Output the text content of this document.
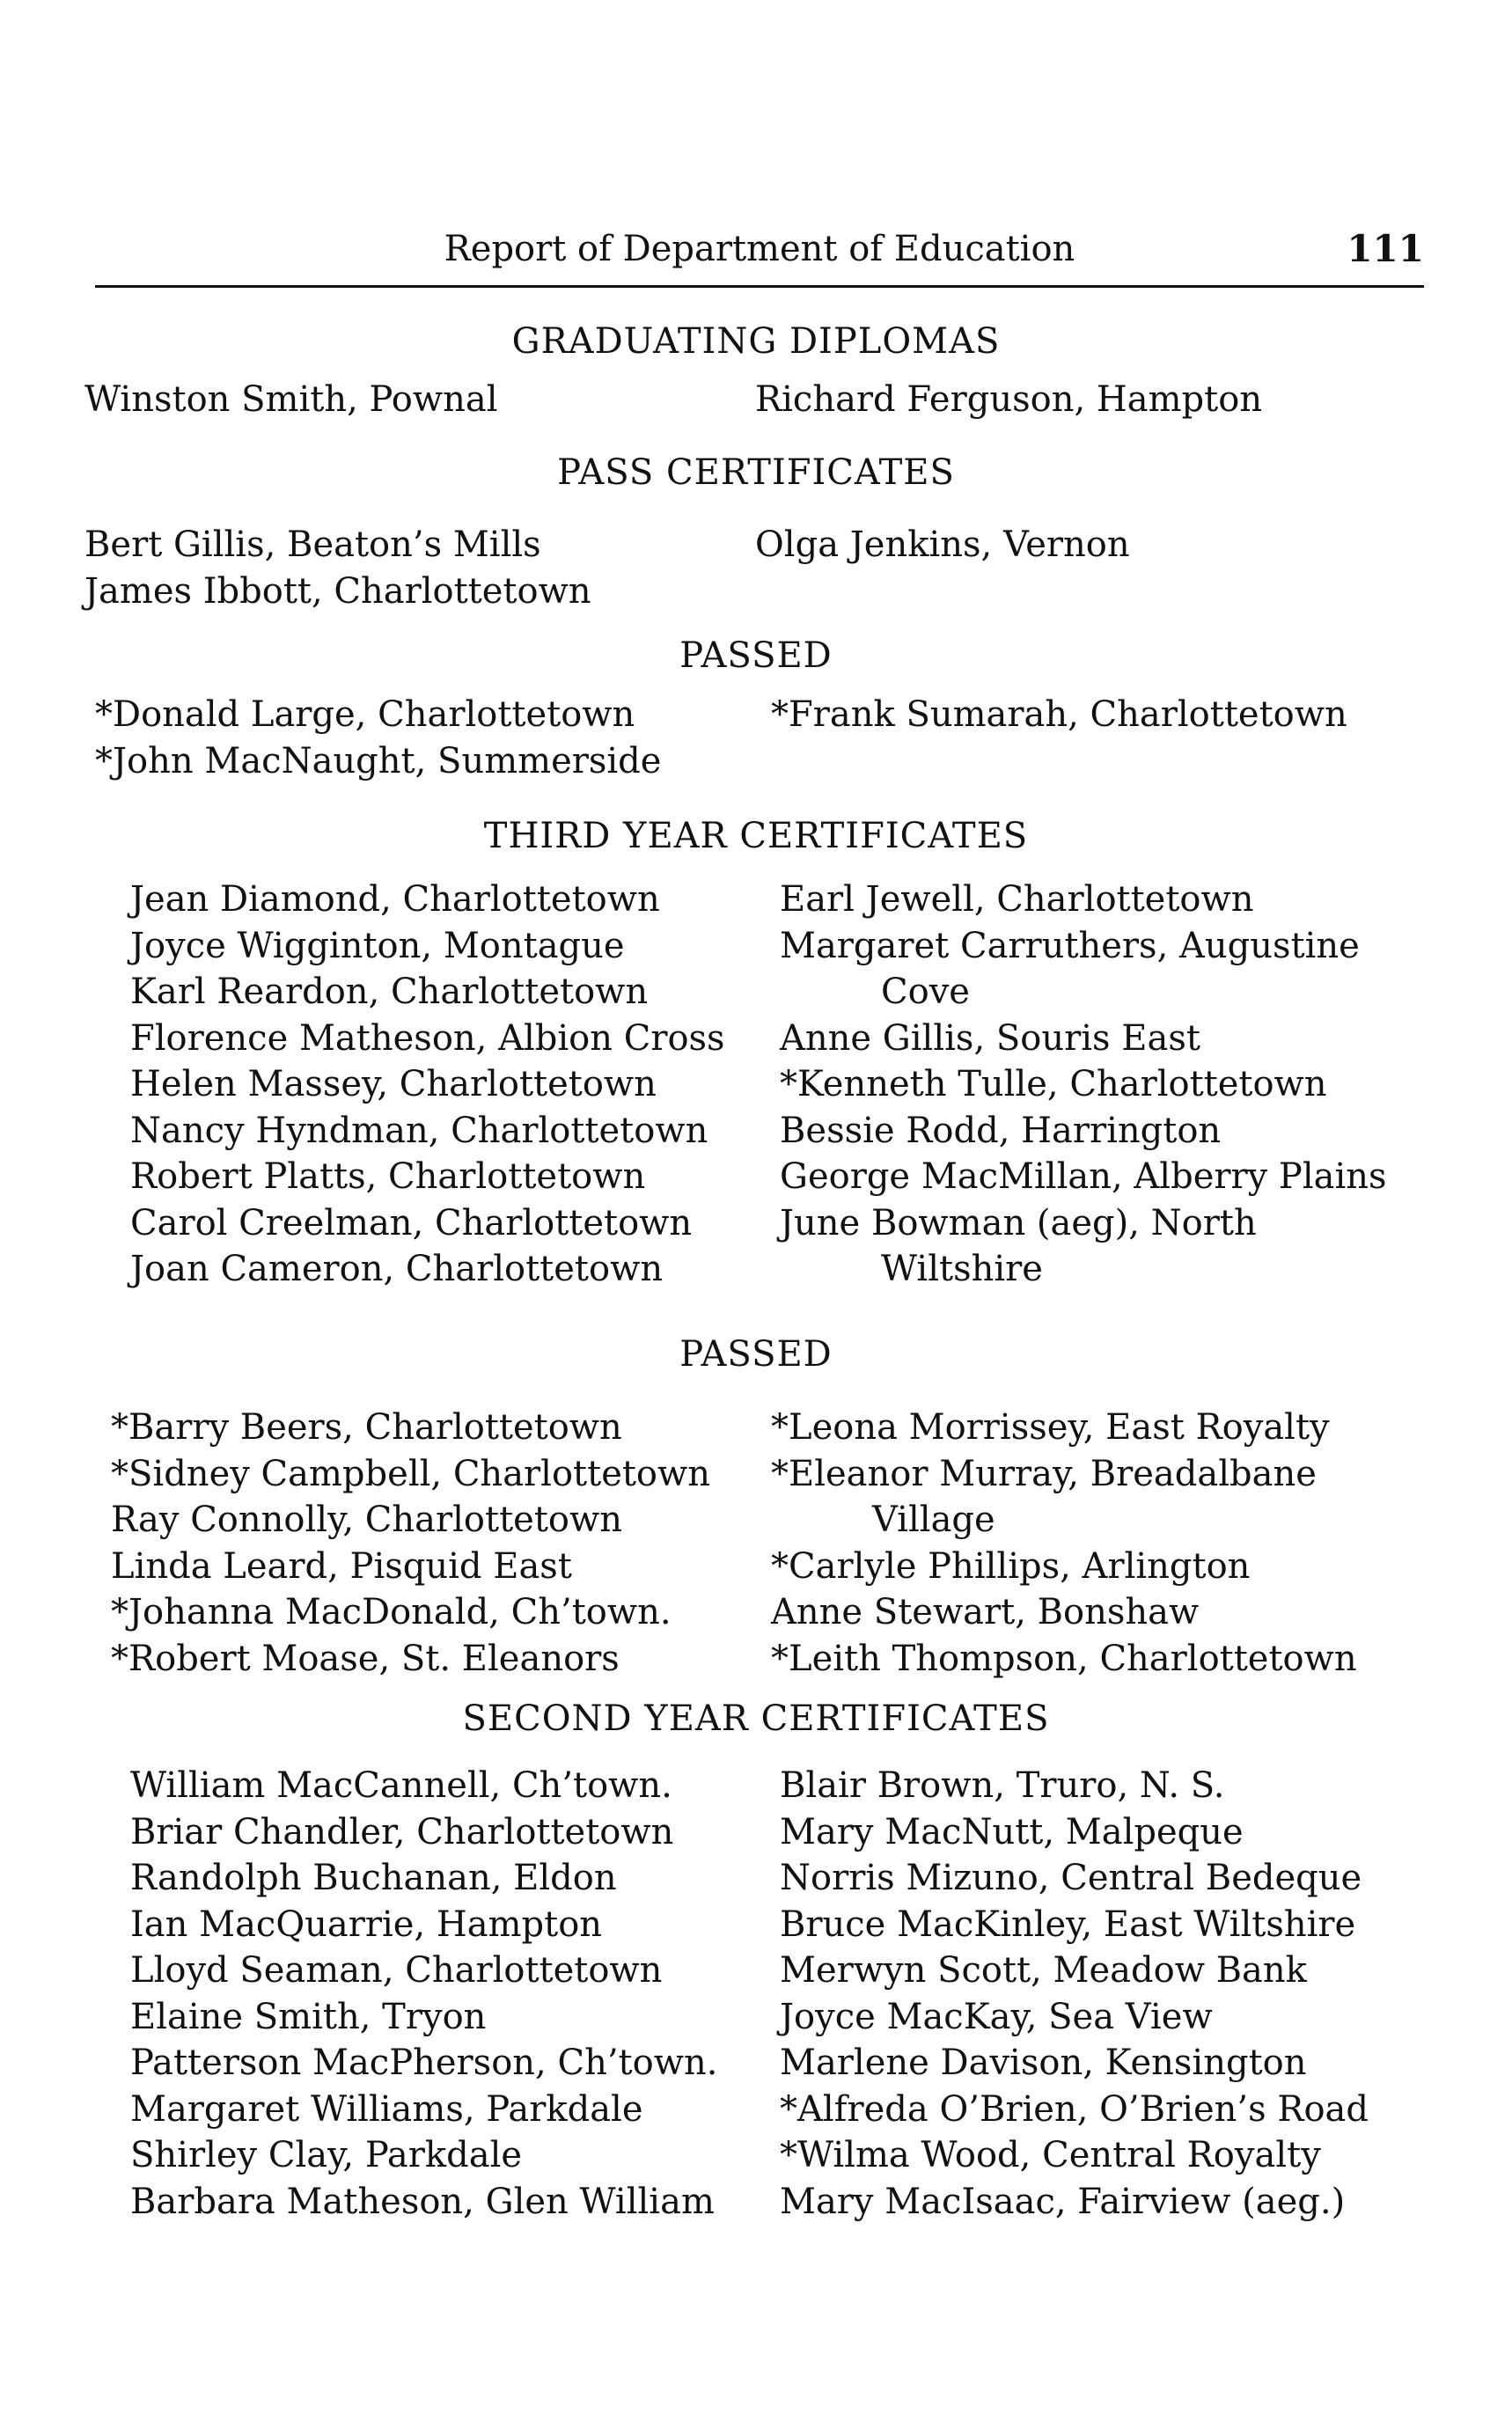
Report of Department of Education	111
GRADUATING DIPLOMAS
Winston Smith, Pownal	Richard Ferguson, Hampton
PASS CERTIFICATES
Bert Gillis, Beaton’s Mills
James Ibbott, Charlottetown
Olga Jenkins, Vernon
PASSED
*Donald Large, Charlottetown
*John MacNaught, Summerside
*Frank Sumarah, Charlottetown
THIRD YEAR CERTIFICATES
Jean Diamond, Charlottetown
Joyce Wigginton, Montague
Karl Reardon, Charlottetown
Florence Matheson, Albion Cross
Helen Massey, Charlottetown
Nancy Hyndman, Charlottetown
Robert Platts, Charlottetown
Carol Creelman, Charlottetown
Joan Cameron, Charlottetown
Earl Jewell, Charlottetown
Margaret Carruthers, Augustine
Cove
Anne Gillis, Souris East
*Kenneth Tulle, Charlottetown
Bessie Rodd, Harrington
George MacMillan, Alberry Plains
June Bowman (aeg), North
Wiltshire
PASSED
*Barry Beers, Charlottetown
*Sidney Campbell, Charlottetown
Ray Connolly, Charlottetown
Linda Leard, Pisquid East
*Johanna MacDonald, Ch’town.
*Robert Moase, St. Eleanors
*Leona Morrissey, East Royalty
*Eleanor Murray, Breadalbane
Village
*Carlyle Phillips, Arlington
Anne Stewart, Bonshaw
*Leith Thompson, Charlottetown
SECOND YEAR CERTIFICATES
William MacCannell, Ch’town.
Briar Chandler, Charlottetown
Randolph Buchanan, Eldon
Ian MacQuarrie, Hampton
Lloyd Seaman, Charlottetown
Elaine Smith, Tryon
Patterson MacPherson, Ch’town.
Margaret Williams, Parkdale
Shirley Clay, Parkdale
Barbara Matheson, Glen William
Blair Brown, Truro, N. S.
Mary MacNutt, Malpeque
Norris Mizuno, Central Bedeque
Bruce MacKinley, East Wiltshire
Merwyn Scott, Meadow Bank
Joyce MacKay, Sea View
Marlene Davison, Kensington
*Alfreda O’Brien, O’Brien’s Road
*Wilma Wood, Central Royalty
Mary MacIsaac, Fairview (aeg.)
